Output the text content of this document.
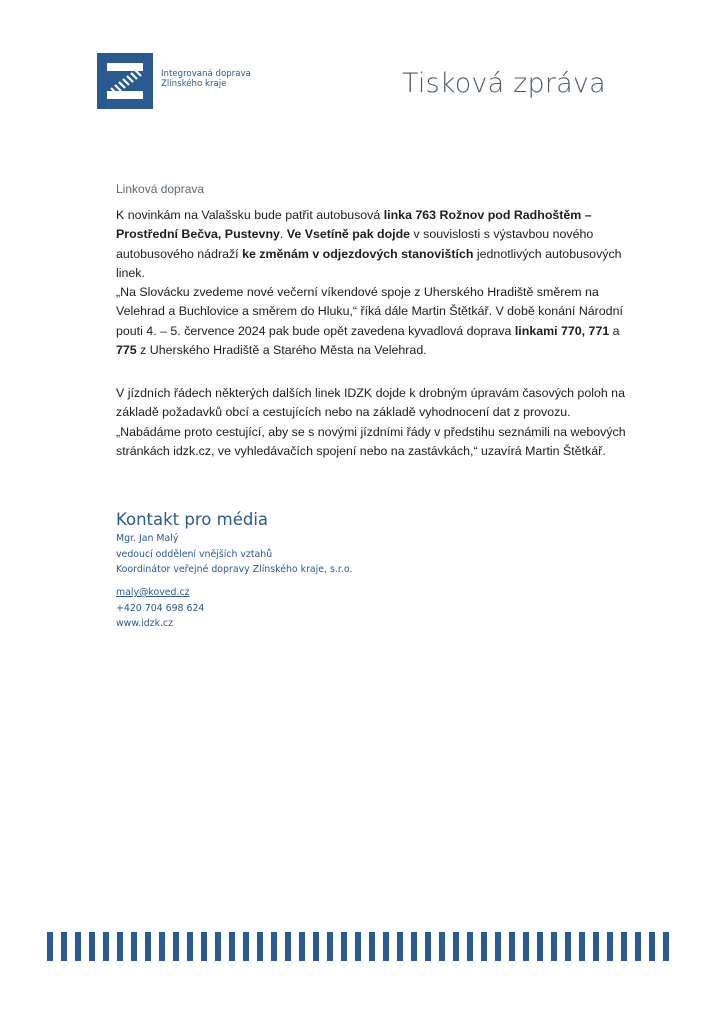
Integrovaná doprava
Zlínského kraje	Tisková zpráva
Linková doprava
K novinkám na Valašsku bude patřit autobusová linka 763 Rožnov pod Radhoštěm – Prostřední Bečva, Pustevny. Ve Vsetíně pak dojde v souvislosti s výstavbou nového autobusového nádraží ke změnám v odjezdových stanovištích jednotlivých autobusových linek.
„Na Slovácku zvedeme nové večerní víkendové spoje z Uherského Hradiště směrem na Velehrad a Buchlovice a směrem do Hluku,“ říká dále Martin Štětkář. V době konání Národní pouti 4. – 5. července 2024 pak bude opět zavedena kyvadlová doprava linkami 770, 771 a 775 z Uherského Hradiště a Starého Města na Velehrad.
V jízdních řádech některých dalších linek IDZK dojde k drobným úpravám časových poloh na základě požadavků obcí a cestujících nebo na základě vyhodnocení dat z provozu. „Nabádáme proto cestující, aby se s novými jízdními řády v předstihu seznámili na webových stránkách idzk.cz, ve vyhledávačích spojení nebo na zastávkách,“ uzavírá Martin Štětkář.
Kontakt pro média
Mgr. Jan Malý
vedoucí oddělení vnějších vztahů
Koordinátor veřejné dopravy Zlínského kraje, s.r.o.
maly@koved.cz
+420 704 698 624
www.idzk.cz
